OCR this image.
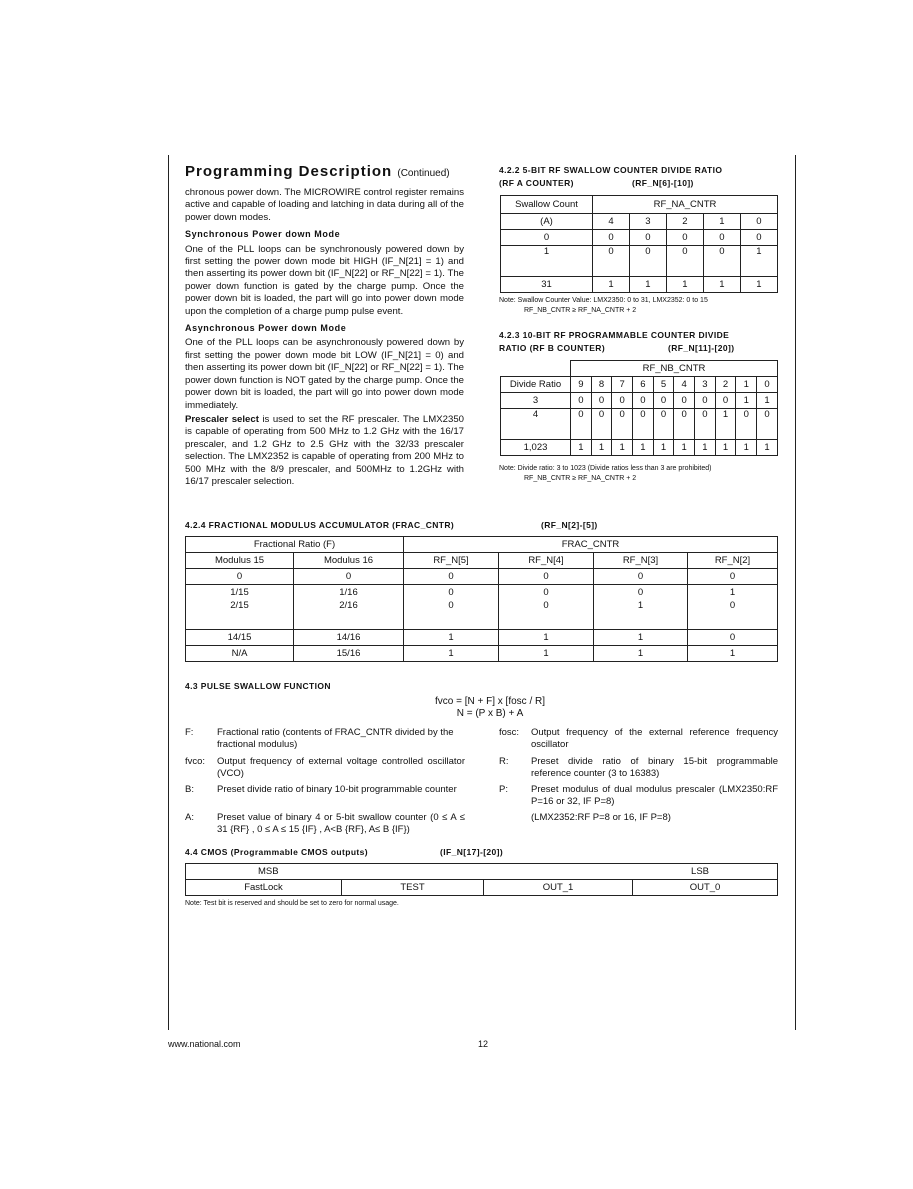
Programming Description (Continued)

chronous power down. The MICROWIRE control register remains active and capable of loading and latching in data during all of the power down modes.

Synchronous Power down Mode

One of the PLL loops can be synchronously powered down by first setting the power down mode bit HIGH (IF_N[21] = 1) and then asserting its power down bit (IF_N[22] or RF_N[22] = 1). The power down function is gated by the charge pump. Once the power down bit is loaded, the part will go into power down mode upon the completion of a charge pump pulse event.

Asynchronous Power down Mode

One of the PLL loops can be asynchronously powered down by first setting the power down mode bit LOW (IF_N[21] = 0) and then asserting its power down bit (IF_N[22] or RF_N[22] = 1). The power down function is NOT gated by the charge pump. Once the power down bit is loaded, the part will go into power down mode immediately.

Prescaler select is used to set the RF prescaler. The LMX2350 is capable of operating from 500 MHz to 1.2 GHz with the 16/17 prescaler, and 1.2 GHz to 2.5 GHz with the 32/33 prescaler selection. The LMX2352 is capable of operating from 200 MHz to 500 MHz with the 8/9 prescaler, and 500MHz to 1.2GHz with 16/17 prescaler selection.

4.2.2 5-BIT RF SWALLOW COUNTER DIVIDE RATIO
(RF A COUNTER)	(RF_N[6]-[10])
Swallow Count	RF_NA_CNTR				
(A)	4	3	2	1	0
0	0	0	0	0	0
1	0	0	0	0	1
31	1	1	1	1	1
Note: Swallow Counter Value: LMX2350: 0 to 31, LMX2352: 0 to 15
RF_NB_CNTR ≥ RF_NA_CNTR + 2
4.2.3 10-BIT RF PROGRAMMABLE COUNTER DIVIDE
RATIO (RF B COUNTER)	(RF_N[11]-[20])
	RF_NB_CNTR									
Divide Ratio	9	8	7	6	5	4	3	2	1	0
3	0	0	0	0	0	0	0	0	1	1
4	0	0	0	0	0	0	0	1	0	0
1,023	1	1	1	1	1	1	1	1	1	1
Note: Divide ratio: 3 to 1023 (Divide ratios less than 3 are prohibited)
RF_NB_CNTR ≥ RF_NA_CNTR + 2
4.2.4 FRACTIONAL MODULUS ACCUMULATOR (FRAC_CNTR)	(RF_N[2]-[5])
Fractional Ratio (F)		FRAC_CNTR			
Modulus 15	Modulus 16	RF_N[5]	RF_N[4]	RF_N[3]	RF_N[2]
0	0	0	0	0	0
1/15	1/16	0	0	0	1
2/15	2/16	0	0	1	0
14/15	14/16	1	1	1	0
N/A	15/16	1	1	1	1
4.3 PULSE SWALLOW FUNCTION
fvco = [N + F] x [fosc / R]
N = (P x B) + A
F: Fractional ratio (contents of FRAC_CNTR divided by the fractional modulus)
fvco: Output frequency of external voltage controlled oscillator (VCO)
B: Preset divide ratio of binary 10-bit programmable counter
A: Preset value of binary 4 or 5-bit swallow counter (0 ≤ A ≤ 31 {RF} , 0 ≤ A ≤ 15 {IF} , A<B {RF}, A≤ B {IF})
fosc: Output frequency of the external reference frequency oscillator
R: Preset divide ratio of binary 15-bit programmable reference counter (3 to 16383)
P: Preset modulus of dual modulus prescaler (LMX2350:RF P=16 or 32, IF P=8)
(LMX2352:RF P=8 or 16, IF P=8)
4.4 CMOS (Programmable CMOS outputs)	(IF_N[17]-[20])
MSB	LSB
FastLock	TEST	OUT_1	OUT_0
Note: Test bit is reserved and should be set to zero for normal usage.
www.national.com	12
